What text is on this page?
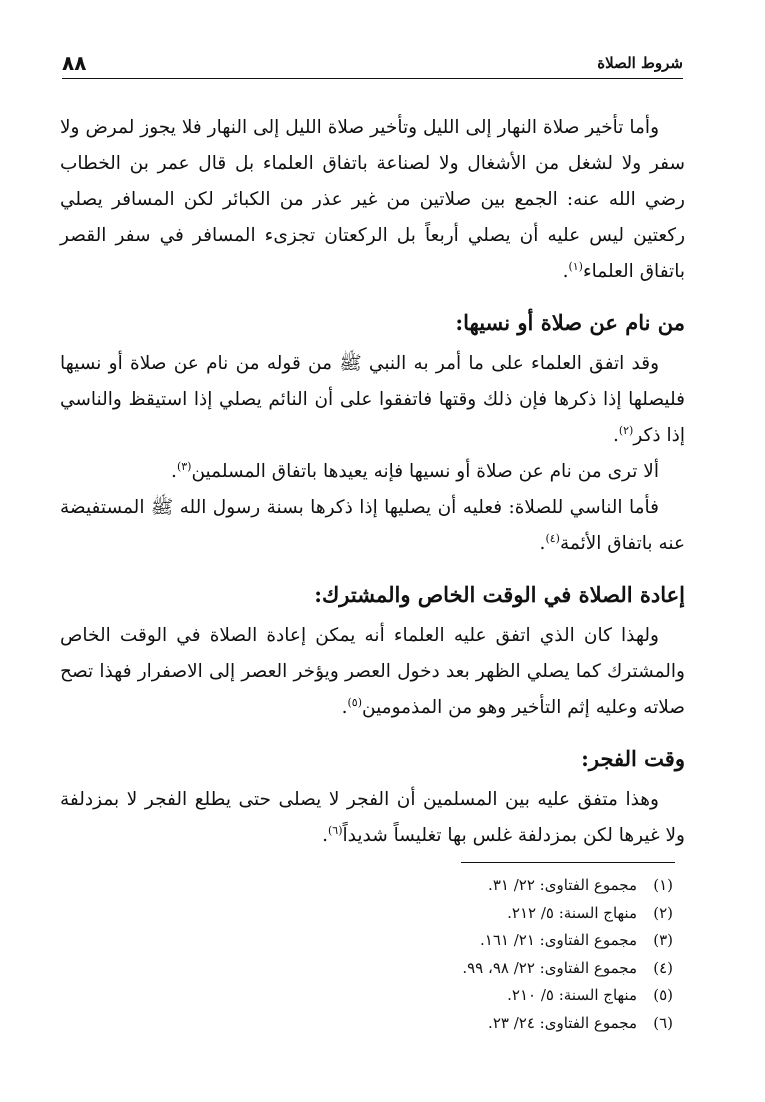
٨٨	شروط الصلاة

وأما تأخير صلاة النهار إلى الليل وتأخير صلاة الليل إلى النهار فلا يجوز لمرض ولا سفر ولا لشغل من الأشغال ولا لصناعة باتفاق العلماء بل قال عمر بن الخطاب رضي الله عنه: الجمع بين صلاتين من غير عذر من الكبائر لكن المسافر يصلي ركعتين ليس عليه أن يصلي أربعاً بل الركعتان تجزىء المسافر في سفر القصر باتفاق العلماء$^{(١)}$.

من نام عن صلاة أو نسيها:

وقد اتفق العلماء على ما أمر به النبي ﷺ من قوله من نام عن صلاة أو نسيها فليصلها إذا ذكرها فإن ذلك وقتها فاتفقوا على أن النائم يصلي إذا استيقظ والناسي إذا ذكر$^{(٢)}$.

ألا ترى من نام عن صلاة أو نسيها فإنه يعيدها باتفاق المسلمين$^{(٣)}$.

فأما الناسي للصلاة: فعليه أن يصليها إذا ذكرها بسنة رسول الله ﷺ المستفيضة عنه باتفاق الأئمة$^{(٤)}$.

إعادة الصلاة في الوقت الخاص والمشترك:

ولهذا كان الذي اتفق عليه العلماء أنه يمكن إعادة الصلاة في الوقت الخاص والمشترك كما يصلي الظهر بعد دخول العصر ويؤخر العصر إلى الاصفرار فهذا تصح صلاته وعليه إثم التأخير وهو من المذمومين$^{(٥)}$.

وقت الفجر:

وهذا متفق عليه بين المسلمين أن الفجر لا يصلى حتى يطلع الفجر لا بمزدلفة ولا غيرها لكن بمزدلفة غلس بها تغليساً شديداً$^{(٦)}$.

(١)
مجموع الفتاوى: ٢٢/ ٣١.
(٢)
منهاج السنة: ٥/ ٢١٢.
(٣)
مجموع الفتاوى: ٢١/ ١٦١.
(٤)
مجموع الفتاوى: ٢٢/ ٩٨، ٩٩.
(٥)
منهاج السنة: ٥/ ٢١٠.
(٦)
مجموع الفتاوى: ٢٤/ ٢٣.
